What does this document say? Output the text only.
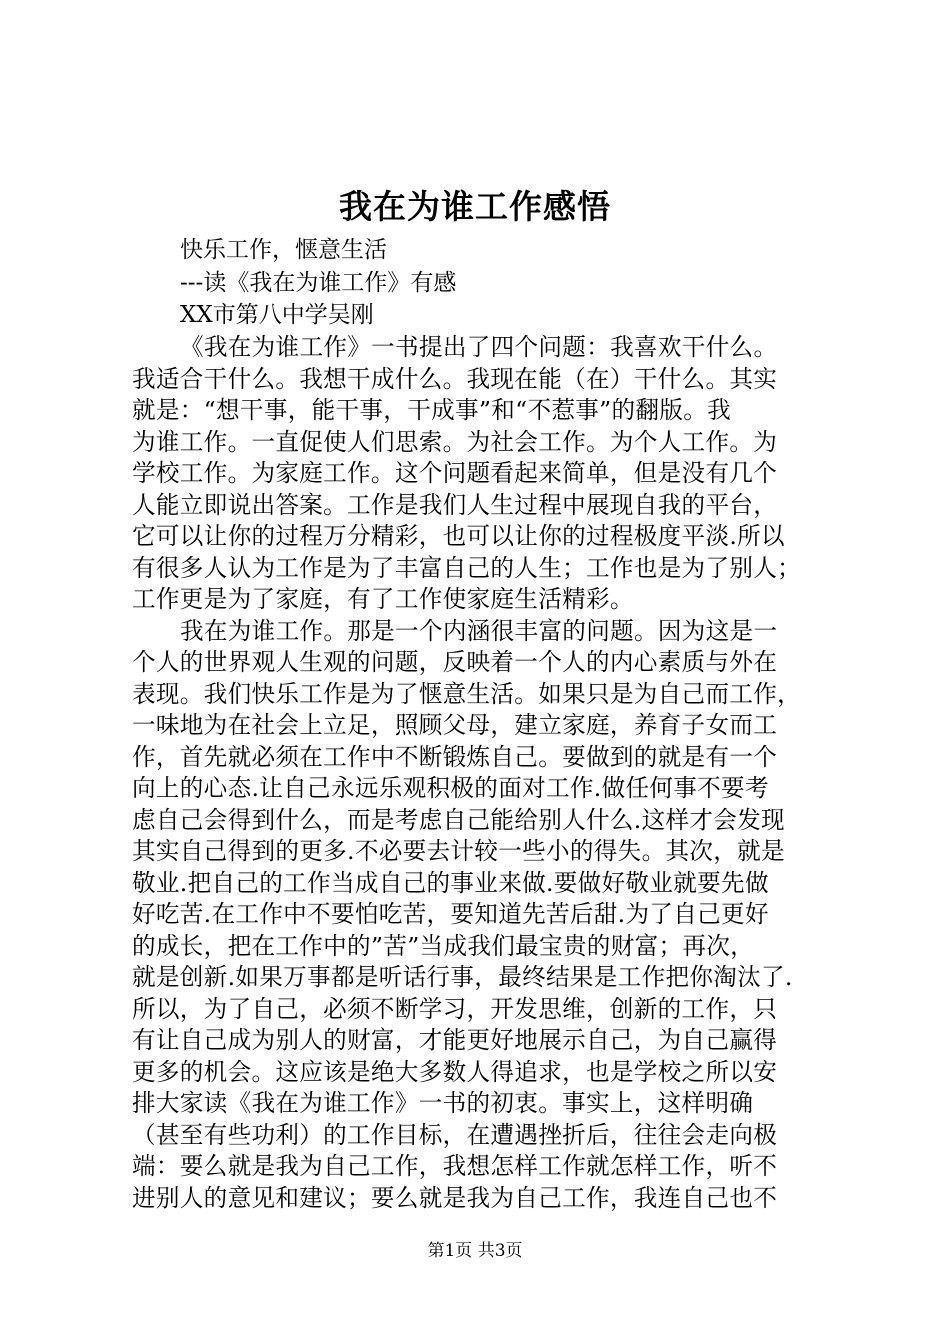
我在为谁工作感悟
快乐工作，惬意生活
---读《我在为谁工作》有感
XX市第八中学吴刚
《我在为谁工作》一书提出了四个问题：我喜欢干什么。
我适合干什么。我想干成什么。我现在能（在）干什么。其实
就是：“想干事，能干事，干成事”和“不惹事”的翻版。我
为谁工作。一直促使人们思索。为社会工作。为个人工作。为
学校工作。为家庭工作。这个问题看起来简单，但是没有几个
人能立即说出答案。工作是我们人生过程中展现自我的平台，
它可以让你的过程万分精彩，也可以让你的过程极度平淡.所以
有很多人认为工作是为了丰富自己的人生；工作也是为了别人；
工作更是为了家庭，有了工作使家庭生活精彩。
我在为谁工作。那是一个内涵很丰富的问题。因为这是一
个人的世界观人生观的问题，反映着一个人的内心素质与外在
表现。我们快乐工作是为了惬意生活。如果只是为自己而工作，
一味地为在社会上立足，照顾父母，建立家庭，养育子女而工
作，首先就必须在工作中不断锻炼自己。要做到的就是有一个
向上的心态.让自己永远乐观积极的面对工作.做任何事不要考
虑自己会得到什么，而是考虑自己能给别人什么.这样才会发现
其实自己得到的更多.不必要去计较一些小的得失。其次，就是
敬业.把自己的工作当成自己的事业来做.要做好敬业就要先做
好吃苦.在工作中不要怕吃苦，要知道先苦后甜.为了自己更好
的成长，把在工作中的”苦”当成我们最宝贵的财富；再次，
就是创新.如果万事都是听话行事，最终结果是工作把你淘汰了.
所以，为了自己，必须不断学习，开发思维，创新的工作，只
有让自己成为别人的财富，才能更好地展示自己，为自己赢得
更多的机会。这应该是绝大多数人得追求，也是学校之所以安
排大家读《我在为谁工作》一书的初衷。事实上，这样明确
（甚至有些功利）的工作目标，在遭遇挫折后，往往会走向极
端：要么就是我为自己工作，我想怎样工作就怎样工作，听不
进别人的意见和建议；要么就是我为自己工作，我连自己也不
第1页 共3页
